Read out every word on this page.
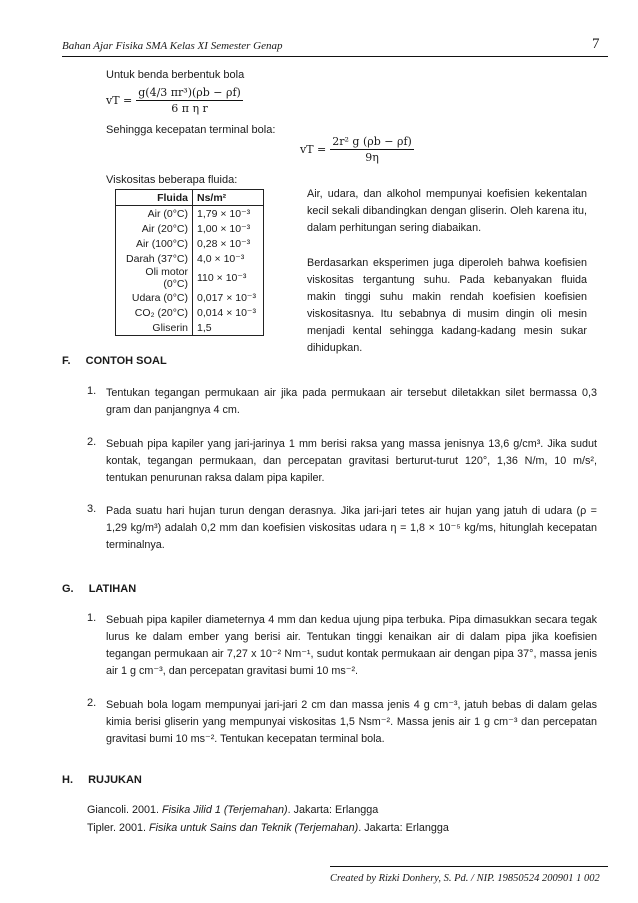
Bahan Ajar Fisika SMA Kelas XI Semester Genap	7
Untuk benda berbentuk bola
vT = $\frac{\text{g(4/3 πr³)(ρb − ρf)}}{\text{6 π η r}}$
Sehingga kecepatan terminal bola:
vT = $\frac{\text{2r² g (ρb − ρf)}}{9\eta}$
Viskositas beberapa fluida:
Fluida	Ns/m²
Air (0°C)	1,79 × 10⁻³
Air (20°C)	1,00 × 10⁻³
Air (100°C)	0,28 × 10⁻³
Darah (37°C)	4,0 × 10⁻³
Oli motor (0°C)	110 × 10⁻³
Udara (0°C)	0,017 × 10⁻³
CO₂ (20°C)	0,014 × 10⁻³
Gliserin	1,5
Air, udara, dan alkohol mempunyai koefisien kekentalan kecil sekali dibandingkan dengan gliserin. Oleh karena itu, dalam perhitungan sering diabaikan.
Berdasarkan eksperimen juga diperoleh bahwa koefisien viskositas tergantung suhu. Pada kebanyakan fluida makin tinggi suhu makin rendah koefisien koefisien viskositasnya. Itu sebabnya di musim dingin oli mesin menjadi kental sehingga kadang-kadang mesin sukar dihidupkan.
F. CONTOH SOAL
1. Tentukan tegangan permukaan air jika pada permukaan air tersebut diletakkan silet bermassa 0,3 gram dan panjangnya 4 cm.
2. Sebuah pipa kapiler yang jari-jarinya 1 mm berisi raksa yang massa jenisnya 13,6 g/cm³. Jika sudut kontak, tegangan permukaan, dan percepatan gravitasi berturut-turut 120°, 1,36 N/m, 10 m/s², tentukan penurunan raksa dalam pipa kapiler.
3. Pada suatu hari hujan turun dengan derasnya. Jika jari-jari tetes air hujan yang jatuh di udara (ρ = 1,29 kg/m³) adalah 0,2 mm dan koefisien viskositas udara η = 1,8 × 10⁻⁵ kg/ms, hitunglah kecepatan terminalnya.
G. LATIHAN
1. Sebuah pipa kapiler diameternya 4 mm dan kedua ujung pipa terbuka. Pipa dimasukkan secara tegak lurus ke dalam ember yang berisi air. Tentukan tinggi kenaikan air di dalam pipa jika koefisien tegangan permukaan air 7,27 x 10⁻² Nm⁻¹, sudut kontak permukaan air dengan pipa 37°, massa jenis air 1 g cm⁻³, dan percepatan gravitasi bumi 10 ms⁻².
2. Sebuah bola logam mempunyai jari-jari 2 cm dan massa jenis 4 g cm⁻³, jatuh bebas di dalam gelas kimia berisi gliserin yang mempunyai viskositas 1,5 Nsm⁻². Massa jenis air 1 g cm⁻³ dan percepatan gravitasi bumi 10 ms⁻². Tentukan kecepatan terminal bola.
H. RUJUKAN
Giancoli. 2001. Fisika Jilid 1 (Terjemahan). Jakarta: Erlangga
Tipler. 2001. Fisika untuk Sains dan Teknik (Terjemahan). Jakarta: Erlangga
Created by Rizki Donhery, S. Pd. / NIP. 19850524 200901 1 002
